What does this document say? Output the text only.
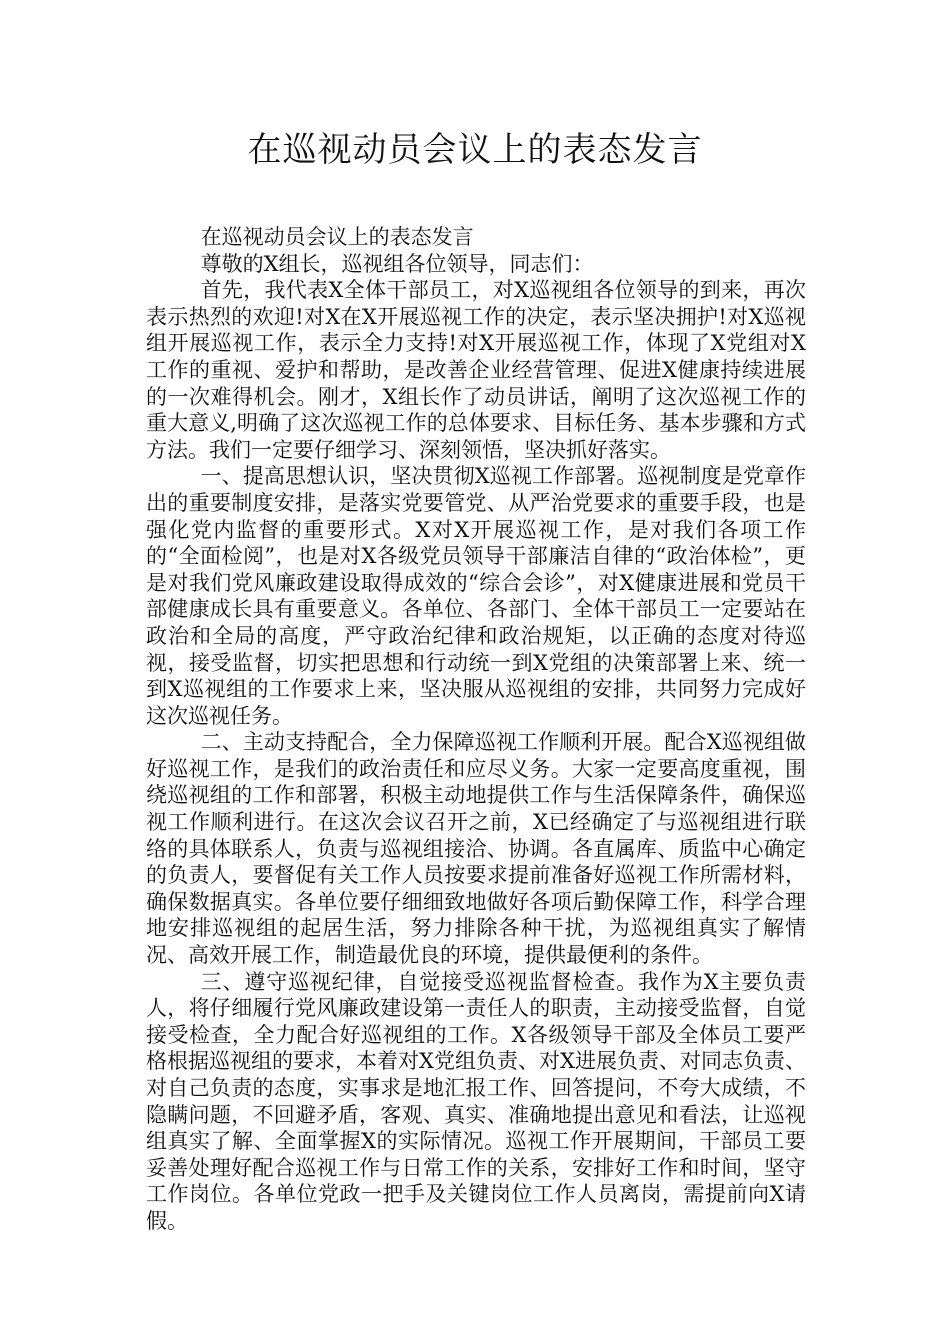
在巡视动员会议上的表态发言

在巡视动员会议上的表态发言

尊敬的X组长，巡视组各位领导，同志们：

首先，我代表X全体干部员工，对X巡视组各位领导的到来，再次表示热烈的欢迎!对X在X开展巡视工作的决定，表示坚决拥护!对X巡视组开展巡视工作，表示全力支持!对X开展巡视工作，体现了X党组对X工作的重视、爱护和帮助，是改善企业经营管理、促进X健康持续进展的一次难得机会。刚才，X组长作了动员讲话，阐明了这次巡视工作的重大意义,明确了这次巡视工作的总体要求、目标任务、基本步骤和方式方法。我们一定要仔细学习、深刻领悟，坚决抓好落实。

一、提高思想认识，坚决贯彻X巡视工作部署。巡视制度是党章作出的重要制度安排，是落实党要管党、从严治党要求的重要手段，也是强化党内监督的重要形式。X对X开展巡视工作，是对我们各项工作的“全面检阅”，也是对X各级党员领导干部廉洁自律的“政治体检”，更是对我们党风廉政建设取得成效的“综合会诊”，对X健康进展和党员干部健康成长具有重要意义。各单位、各部门、全体干部员工一定要站在政治和全局的高度，严守政治纪律和政治规矩，以正确的态度对待巡视，接受监督，切实把思想和行动统一到X党组的决策部署上来、统一到X巡视组的工作要求上来，坚决服从巡视组的安排，共同努力完成好这次巡视任务。

二、主动支持配合，全力保障巡视工作顺利开展。配合X巡视组做好巡视工作，是我们的政治责任和应尽义务。大家一定要高度重视，围绕巡视组的工作和部署，积极主动地提供工作与生活保障条件，确保巡视工作顺利进行。在这次会议召开之前，X已经确定了与巡视组进行联络的具体联系人，负责与巡视组接洽、协调。各直属库、质监中心确定的负责人，要督促有关工作人员按要求提前准备好巡视工作所需材料，确保数据真实。各单位要仔细细致地做好各项后勤保障工作，科学合理地安排巡视组的起居生活，努力排除各种干扰，为巡视组真实了解情况、高效开展工作，制造最优良的环境，提供最便利的条件。

三、遵守巡视纪律，自觉接受巡视监督检查。我作为X主要负责人，将仔细履行党风廉政建设第一责任人的职责，主动接受监督，自觉接受检查，全力配合好巡视组的工作。X各级领导干部及全体员工要严格根据巡视组的要求，本着对X党组负责、对X进展负责、对同志负责、对自己负责的态度，实事求是地汇报工作、回答提问，不夸大成绩，不隐瞒问题，不回避矛盾，客观、真实、准确地提出意见和看法，让巡视组真实了解、全面掌握X的实际情况。巡视工作开展期间，干部员工要妥善处理好配合巡视工作与日常工作的关系，安排好工作和时间，坚守工作岗位。各单位党政一把手及关键岗位工作人员离岗，需提前向X请假。
